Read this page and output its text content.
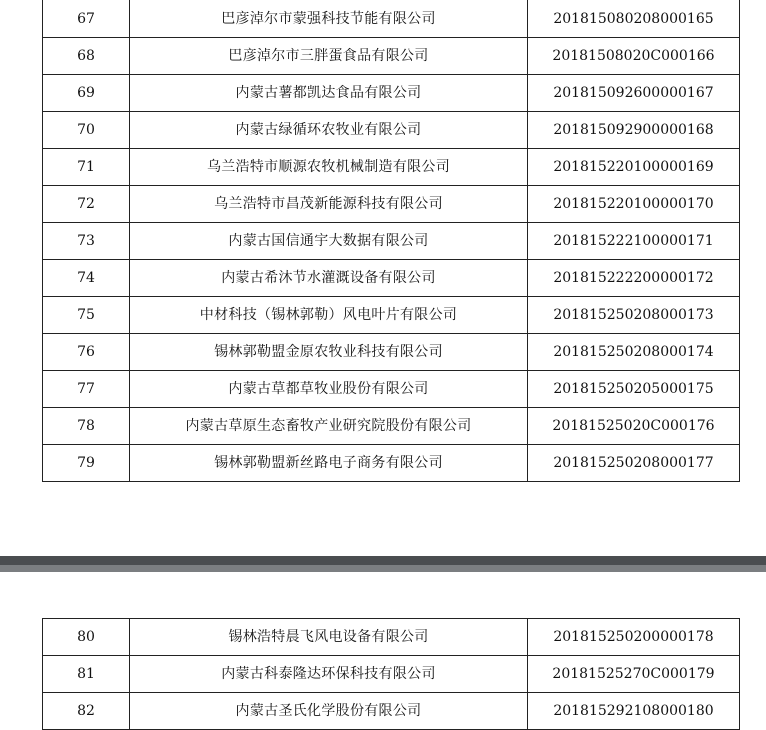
67	巴彦淖尔市蒙强科技节能有限公司	201815080208000165
68	巴彦淖尔市三胖蛋食品有限公司	20181508020C000166
69	内蒙古薯都凯达食品有限公司	201815092600000167
70	内蒙古绿循环农牧业有限公司	201815092900000168
71	乌兰浩特市顺源农牧机械制造有限公司	201815220100000169
72	乌兰浩特市昌茂新能源科技有限公司	201815220100000170
73	内蒙古国信通宇大数据有限公司	201815222100000171
74	内蒙古希沐节水灌溉设备有限公司	201815222200000172
75	中材科技（锡林郭勒）风电叶片有限公司	201815250208000173
76	锡林郭勒盟金原农牧业科技有限公司	201815250208000174
77	内蒙古草都草牧业股份有限公司	201815250205000175
78	内蒙古草原生态畜牧产业研究院股份有限公司	20181525020C000176
79	锡林郭勒盟新丝路电子商务有限公司	201815250208000177
80	锡林浩特晨飞风电设备有限公司	201815250200000178
81	内蒙古科泰隆达环保科技有限公司	20181525270C000179
82	内蒙古圣氏化学股份有限公司	201815292108000180
